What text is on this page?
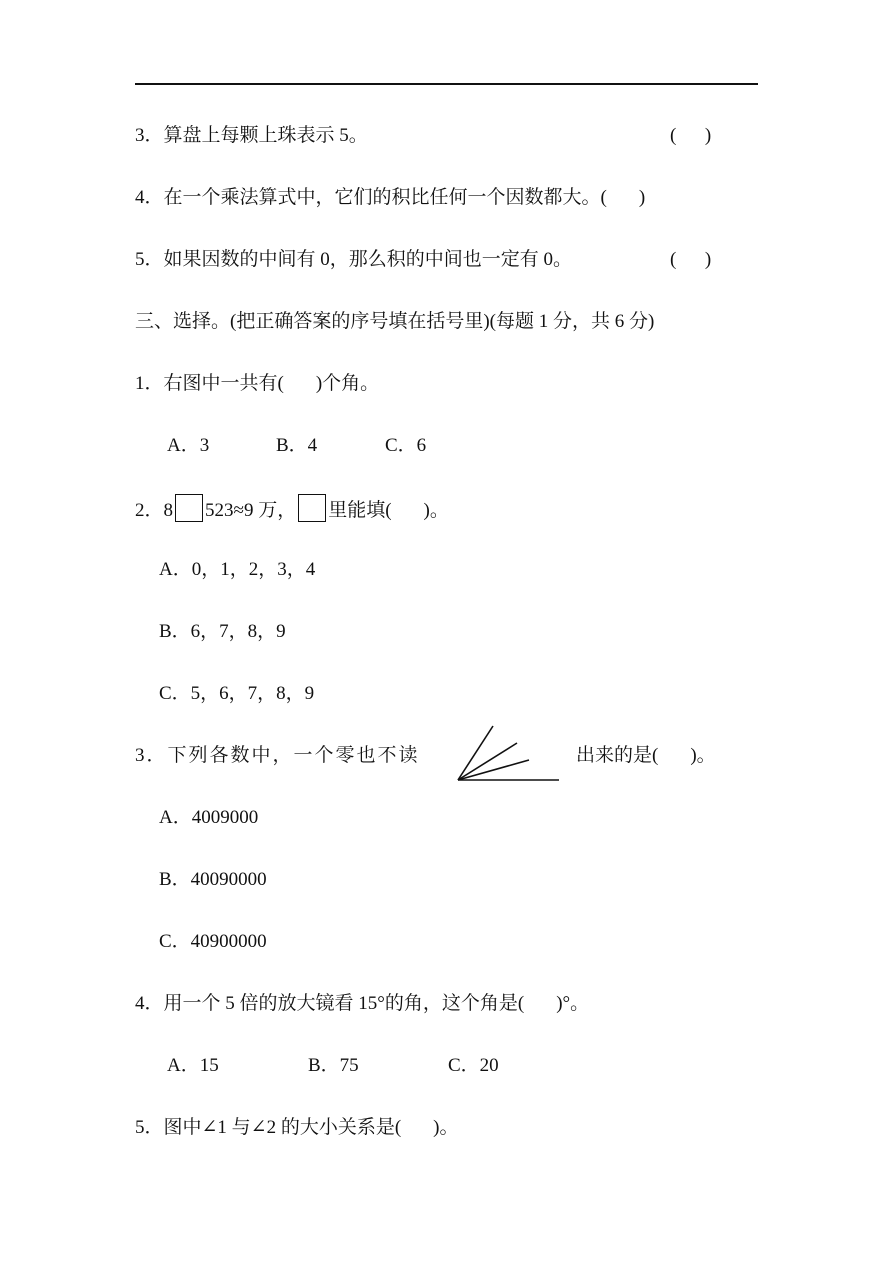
3．算盘上每颗上珠表示 5。	(      )
4．在一个乘法算式中，它们的积比任何一个因数都大。( )
5．如果因数的中间有 0，那么积的中间也一定有 0。	(      )
三、选择。(把正确答案的序号填在括号里)(每题 1 分，共 6 分)
1．右图中一共有( )个角。
A．3	B．4	C．6
2．8 523≈9 万， 里能填( )。
A．0，1，2，3，4
B．6，7，8，9
C．5，6，7，8，9
3．下列各数中，一个零也不读	出来的是( )。
A．4009000
B．40090000
C．40900000
4．用一个 5 倍的放大镜看 15°的角，这个角是( )°。
A．15	B．75	C．20
5．图中∠1 与∠2 的大小关系是( )。
